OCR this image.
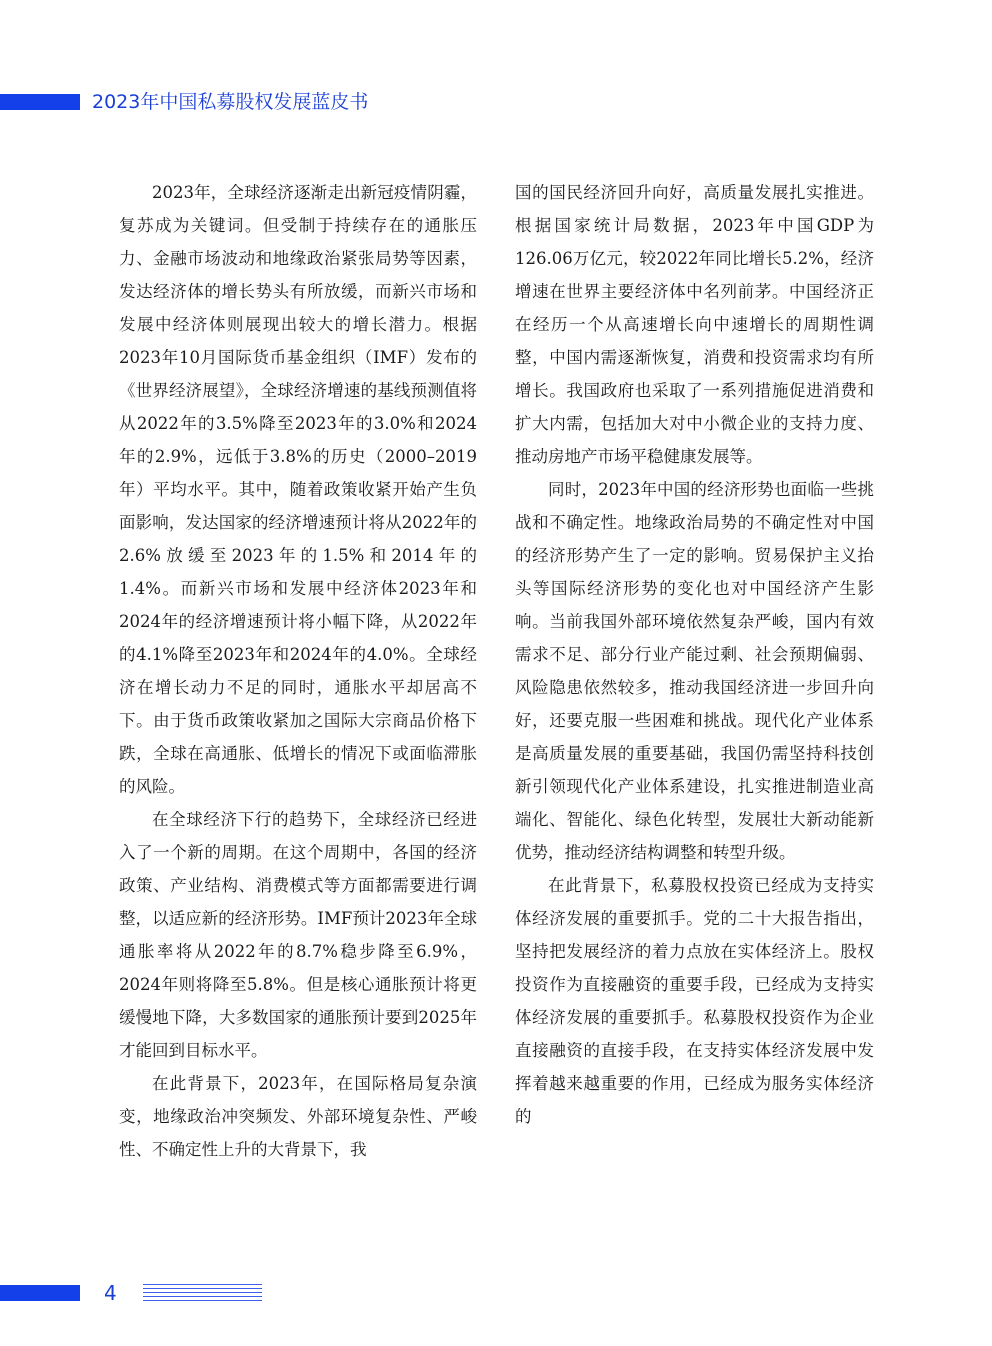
2023年中国私募股权发展蓝皮书

2023年，全球经济逐渐走出新冠疫情阴霾，复苏成为关键词。但受制于持续存在的通胀压力、金融市场波动和地缘政治紧张局势等因素，发达经济体的增长势头有所放缓，而新兴市场和发展中经济体则展现出较大的增长潜力。根据2023年10月国际货币基金组织（IMF）发布的《世界经济展望》，全球经济增速的基线预测值将从2022年的3.5%降至2023年的3.0%和2024年的2.9%，远低于3.8%的历史（2000–2019年）平均水平。其中，随着政策收紧开始产生负面影响，发达国家的经济增速预计将从2022年的2.6%放缓至2023年的1.5%和2014年的1.4%。而新兴市场和发展中经济体2023年和2024年的经济增速预计将小幅下降，从2022年的4.1%降至2023年和2024年的4.0%。全球经济在增长动力不足的同时，通胀水平却居高不下。由于货币政策收紧加之国际大宗商品价格下跌，全球在高通胀、低增长的情况下或面临滞胀的风险。

在全球经济下行的趋势下，全球经济已经进入了一个新的周期。在这个周期中，各国的经济政策、产业结构、消费模式等方面都需要进行调整，以适应新的经济形势。IMF预计2023年全球通胀率将从2022年的8.7%稳步降至6.9%，2024年则将降至5.8%。但是核心通胀预计将更缓慢地下降，大多数国家的通胀预计要到2025年才能回到目标水平。

在此背景下，2023年，在国际格局复杂演变，地缘政治冲突频发、外部环境复杂性、严峻性、不确定性上升的大背景下，我

国的国民经济回升向好，高质量发展扎实推进。根据国家统计局数据，2023年中国GDP为126.06万亿元，较2022年同比增长5.2%，经济增速在世界主要经济体中名列前茅。中国经济正在经历一个从高速增长向中速增长的周期性调整，中国内需逐渐恢复，消费和投资需求均有所增长。我国政府也采取了一系列措施促进消费和扩大内需，包括加大对中小微企业的支持力度、推动房地产市场平稳健康发展等。

同时，2023年中国的经济形势也面临一些挑战和不确定性。地缘政治局势的不确定性对中国的经济形势产生了一定的影响。贸易保护主义抬头等国际经济形势的变化也对中国经济产生影响。当前我国外部环境依然复杂严峻，国内有效需求不足、部分行业产能过剩、社会预期偏弱、风险隐患依然较多，推动我国经济进一步回升向好，还要克服一些困难和挑战。现代化产业体系是高质量发展的重要基础，我国仍需坚持科技创新引领现代化产业体系建设，扎实推进制造业高端化、智能化、绿色化转型，发展壮大新动能新优势，推动经济结构调整和转型升级。

在此背景下，私募股权投资已经成为支持实体经济发展的重要抓手。党的二十大报告指出，坚持把发展经济的着力点放在实体经济上。股权投资作为直接融资的重要手段，已经成为支持实体经济发展的重要抓手。私募股权投资作为企业直接融资的直接手段，在支持实体经济发展中发挥着越来越重要的作用，已经成为服务实体经济的

4
